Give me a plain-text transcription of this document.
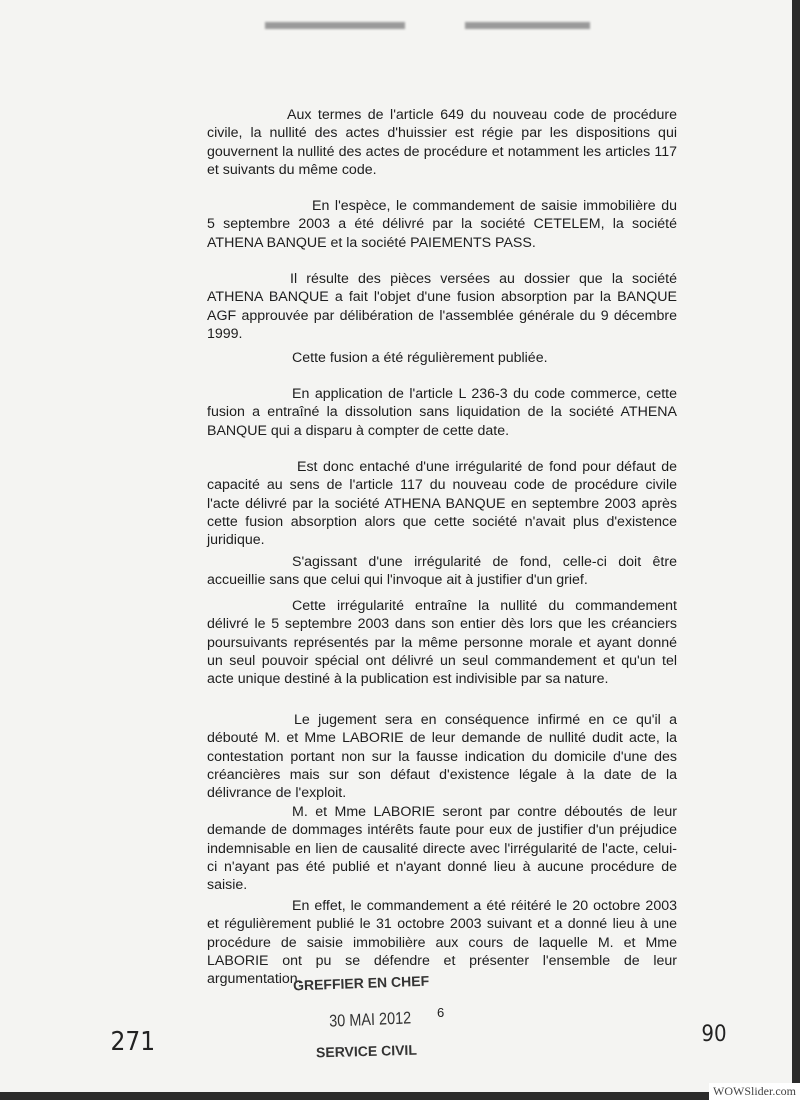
Aux termes de l'article 649 du nouveau code de procédure civile, la nullité des actes d'huissier est régie par les dispositions qui gouvernent la nullité des actes de procédure et notamment les articles 117 et suivants du même code.

En l'espèce, le commandement de saisie immobilière du 5 septembre 2003 a été délivré par la société CETELEM, la société ATHENA BANQUE et la société PAIEMENTS PASS.

Il résulte des pièces versées au dossier que la société ATHENA BANQUE a fait l'objet d'une fusion absorption par la BANQUE AGF approuvée par délibération de l'assemblée générale du 9 décembre 1999.

Cette fusion a été régulièrement publiée.

En application de l'article L 236-3 du code commerce, cette fusion a entraîné la dissolution sans liquidation de la société ATHENA BANQUE qui a disparu à compter de cette date.

Est donc entaché d'une irrégularité de fond pour défaut de capacité au sens de l'article 117 du nouveau code de procédure civile l'acte délivré par la société ATHENA BANQUE en septembre 2003 après cette fusion absorption alors que cette société n'avait plus d'existence juridique.

S'agissant d'une irrégularité de fond, celle-ci doit être accueillie sans que celui qui l'invoque ait à justifier d'un grief.

Cette irrégularité entraîne la nullité du commandement délivré le 5 septembre 2003 dans son entier dès lors que les créanciers poursuivants représentés par la même personne morale et ayant donné un seul pouvoir spécial ont délivré un seul commandement et qu'un tel acte unique destiné à la publication est indivisible par sa nature.

Le jugement sera en conséquence infirmé en ce qu'il a débouté M. et Mme LABORIE de leur demande de nullité dudit acte, la contestation portant non sur la fausse indication du domicile d'une des créancières mais sur son défaut d'existence légale à la date de la délivrance de l'exploit.

M. et Mme LABORIE seront par contre déboutés de leur demande de dommages intérêts faute pour eux de justifier d'un préjudice indemnisable en lien de causalité directe avec l'irrégularité de l'acte, celui-ci n'ayant pas été publié et n'ayant donné lieu à aucune procédure de saisie.

En effet, le commandement a été réitéré le 20 octobre 2003 et régulièrement publié le 31 octobre 2003 suivant et a donné lieu à une procédure de saisie immobilière aux cours de laquelle M. et Mme LABORIE ont pu se défendre et présenter l'ensemble de leur argumentation.

GREFFIER EN CHEF
30 MAI 2012 6
SERVICE CIVIL
271	90
WOWSlider.com
